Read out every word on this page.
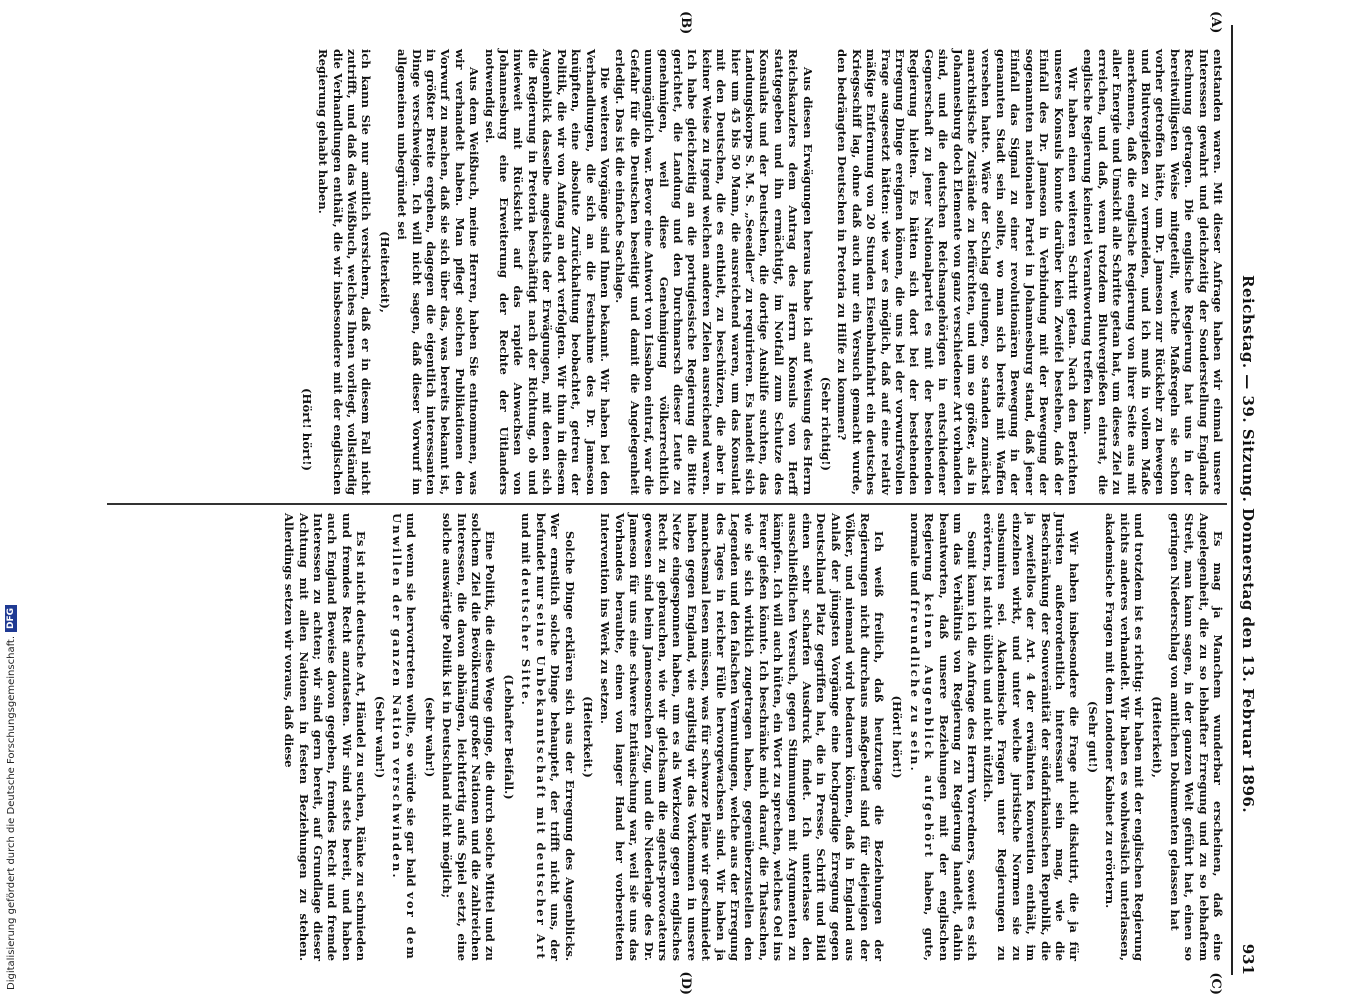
Reichstag. — 39. Sitzung. Donnerstag den 13. Februar 1896.
931
(A)
(B)
(C)
(D)

entstanden waren. Mit dieser Anfrage haben wir einmal unsere Interessen gewahrt und gleichzeitig der Sonderstellung Englands Rechnung getragen. Die englische Regierung hat uns in der bereitwilligsten Weise mitgeteilt, welche Maßregeln sie schon vorher getroffen hätte, um Dr. Jameson zur Rückkehr zu bewegen und Blutvergießen zu vermeiden, und ich muß in vollem Maße anerkennen, daß die englische Regierung von ihrer Seite aus mit aller Energie und Umsicht alle Schritte getan hat, um dieses Ziel zu erreichen, und daß, wenn trotzdem Blutvergießen eintrat, die englische Regierung keinerlei Verantwortung treffen kann.

Wir haben einen weiteren Schritt getan. Nach den Berichten unseres Konsuls konnte darüber kein Zweifel bestehen, daß der Einfall des Dr. Jameson in Verbindung mit der Bewegung der sogenannten nationalen Partei in Johannesburg stand, daß jener Einfall das Signal zu einer revolutionären Bewegung in der genannten Stadt sein sollte, wo man sich bereits mit Waffen versehen hatte. Wäre der Schlag gelungen, so standen zunächst anarchistische Zustände zu befürchten, und um so größer, als in Johannesburg doch Elemente von ganz verschiedener Art vorhanden sind, und die deutschen Reichsangehörigen in entschiedener Gegnerschaft zu jener Nationalpartei es mit der bestehenden Regierung hielten. Es hätten sich dort bei der bestehenden Erregung Dinge ereignen können, die uns bei der vorwurfsvollen Frage ausgesetzt hätten: wie war es möglich, daß auf eine relativ mäßige Entfernung von 20 Stunden Eisenbahnfahrt ein deutsches Kriegsschiff lag, ohne daß auch nur ein Versuch gemacht wurde, den bedrängten Deutschen in Pretoria zu Hilfe zu kommen?

(Sehr richtig!)

Aus diesen Erwägungen heraus habe ich auf Weisung des Herrn Reichskanzlers dem Antrag des Herrn Konsuls von Herff stattgegeben und ihn ermächtigt, im Notfall zum Schutze des Konsulats und der Deutschen, die dortige Aushilfe suchten, das Landungskorps S. M. S. „Seeadler“ zu requirieren. Es handelt sich hier um 45 bis 50 Mann, die ausreichend waren, um das Konsulat mit den Deutschen, die es enthielt, zu beschützen, die aber in keiner Weise zu irgend welchen anderen Zielen ausreichend waren. Ich habe gleichzeitig an die portugiesische Regierung die Bitte gerichtet, die Landung und den Durchmarsch dieser Leute zu genehmigen, weil diese Genehmigung völkerrechtlich unumgänglich war. Bevor eine Antwort von Lissabon eintraf, war die Gefahr für die Deutschen beseitigt und damit die Angelegenheit erledigt. Das ist die einfache Sachlage.

Die weiteren Vorgänge sind Ihnen bekannt. Wir haben bei den Verhandlungen, die sich an die Festnahme des Dr. Jameson knüpften, eine absolute Zurückhaltung beobachtet, getreu der Politik, die wir von Anfang an dort verfolgten. Wir thun in diesem Augenblick dasselbe angesichts der Erwägungen, mit denen sich die Regierung in Pretoria beschäftigt nach der Richtung, ob und inwieweit mit Rücksicht auf das rapide Anwachsen von Johannesburg eine Erweiterung der Rechte der Uitlanders notwendig sei.

Aus dem Weißbuch, meine Herren, haben Sie entnommen, was wir verhandelt haben. Man pflegt solchen Publikationen den Vorwurf zu machen, daß sie sich über das, was bereits bekannt ist, in größter Breite ergehen, dagegen die eigentlich interessanten Dinge verschweigen. Ich will nicht sagen, daß dieser Vorwurf im allgemeinen unbegründet sei

(Heiterkeit),

ich kann Sie nur amtlich versichern, daß er in diesem Fall nicht zutrifft, und daß das Weißbuch, welches Ihnen vorliegt, vollständig die Verhandlungen enthält, die wir insbesondere mit der englischen Regierung gehabt haben.

(Hört! hört!)

Es mag ja Manchem wunderbar erscheinen, daß eine Angelegenheit, die zu so lebhafter Erregung und zu so lebhaftem Streit, man kann sagen, in der ganzen Welt geführt hat, einen so geringen Niederschlag von amtlichen Dokumenten gelassen hat

(Heiterkeit),

und trotzdem ist es richtig: wir haben mit der englischen Regierung nichts anderes verhandelt. Wir haben es wohlweislich unterlassen, akademische Fragen mit dem Londoner Kabinet zu erörtern.

(Sehr gut!)

Wir haben insbesondere die Frage nicht diskutirt, die ja für Juristen außerordentlich interessant sein mag, wie die Beschränkung der Souveränität der südafrikanischen Republik, die ja zweifellos der Art. 4 der erwähnten Konvention enthält, im einzelnen wirkt, und unter welche juristische Normen sie zu subsumiren sei. Akademische Fragen unter Regierungen zu erörtern, ist nicht üblich und nicht nützlich.

Somit kann ich die Anfrage des Herrn Vorredners, soweit es sich um das Verhältnis von Regierung zu Regierung handelt, dahin beantworten, daß unsere Beziehungen mit der englischen Regierung keinen Augenblick aufgehört haben, gute, normale und freundliche zu sein.

(Hört! hört!)

Ich weiß freilich, daß heutzutage die Beziehungen der Regierungen nicht durchaus maßgebend sind für diejenigen der Völker, und niemand wird bedauern können, daß in England aus Anlaß der jüngsten Vorgänge eine hochgradige Erregung gegen Deutschland Platz gegriffen hat, die in Presse, Schrift und Bild einen sehr scharfen Ausdruck findet. Ich unterlasse den ausschließlichen Versuch, gegen Stimmungen mit Argumenten zu kämpfen. Ich will auch hüten, ein Wort zu sprechen, welches Oel ins Feuer gießen könnte. Ich beschränke mich darauf, die Thatsachen, wie sie sich wirklich zugetragen haben, gegenüberzustellen den Legenden und den falschen Vermutungen, welche aus der Erregung des Tages in reicher Fülle hervorgewachsen sind. Wir haben ja manchesmal lesen müssen, was für schwarze Pläne wir geschmiedet haben gegen England, wie arglistig wir das Vorkommen in unsere Netze eingesponnen haben, um es als Werkzeug gegen englisches Recht zu gebrauchen, wie wir gleichsam die agents-provocateurs gewesen sind beim Jamesonschen Zug, und die Niederlage des Dr. Jameson für uns eine schwere Enttäuschung war, weil sie uns das Vorhandes beraubte, einen von langer Hand her vorbereiteten Intervention ins Werk zu setzen.

(Heiterkeit.)

Solche Dinge erklären sich aus der Erregung des Augenblicks. Wer ernstlich solche Dinge behauptet, der trifft nicht uns, der befundet nur seine Unbekanntschaft mit deutscher Art und mit deutscher Sitte.

(Lebhafter Beifall.)

Eine Politik, die diese Wege ginge, die durch solche Mittel und zu solchem Ziel die Bevölkerung großer Nationen und die zahlreichen Interessen, die davon abhängen, leichtfertig aufs Spiel setzt, eine solche auswärtige Politik ist in Deutschland nicht möglich;

(sehr wahr!)

und wenn sie hervortreten wollte, so würde sie gar bald vor dem Unwillen der ganzen Nation verschwinden.

(Sehr wahr!)

Es ist nicht deutsche Art, Händel zu suchen, Ränke zu schmieden und fremdes Recht anzutasten. Wir sind stets bereit, und haben auch England Beweise davon gegeben, fremdes Recht und fremde Interessen zu achten; wir sind gern bereit, auf Grundlage dieser Achtung mit allen Nationen in festen Beziehungen zu stehen. Allerdings setzen wir voraus, daß diese

Digitalisierung gefördert durch die Deutsche Forschungsgemeinschaft.
DFG
